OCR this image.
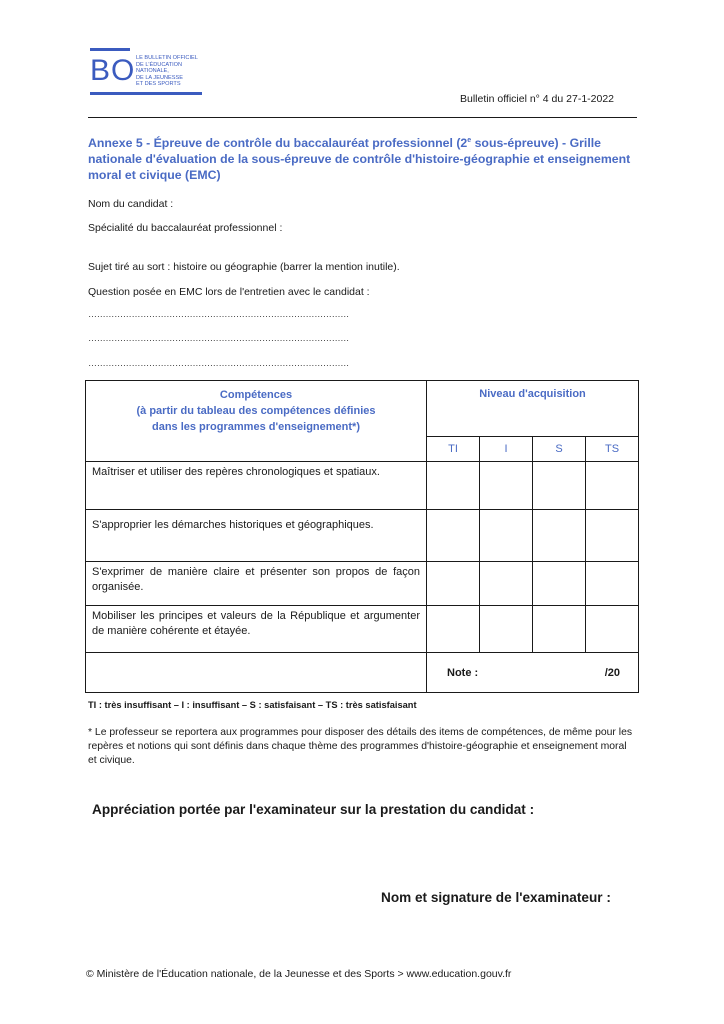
BO LE BULLETIN OFFICIEL
DE L'ÉDUCATION
NATIONALE,
DE LA JEUNESSE
ET DES SPORTS
Bulletin officiel n° 4 du 27-1-2022
Annexe 5 - Épreuve de contrôle du baccalauréat professionnel (2e sous-épreuve) - Grille nationale d'évaluation de la sous-épreuve de contrôle d'histoire-géographie et enseignement moral et civique (EMC)
Nom du candidat :
Spécialité du baccalauréat professionnel :
Sujet tiré au sort : histoire ou géographie (barrer la mention inutile).
Question posée en EMC lors de l'entretien avec le candidat :
………………………………………………………………………………
………………………………………………………………………………
………………………………………………………………………………
Compétences
(à partir du tableau des compétences définies
dans les programmes d'enseignement*)	Niveau d'acquisition			
	TI	I	S	TS
Maîtriser et utiliser des repères chronologiques et spatiaux.				
S'approprier les démarches historiques et géographiques.				
S'exprimer de manière claire et présenter son propos de façon organisée.				
Mobiliser les principes et valeurs de la République et argumenter de manière cohérente et étayée.				

	Note : /20			
TI : très insuffisant – I : insuffisant – S : satisfaisant – TS : très satisfaisant
* Le professeur se reportera aux programmes pour disposer des détails des items de compétences, de même pour les repères et notions qui sont définis dans chaque thème des programmes d'histoire-géographie et enseignement moral et civique.
Appréciation portée par l'examinateur sur la prestation du candidat :
Nom et signature de l'examinateur :
© Ministère de l'Éducation nationale, de la Jeunesse et des Sports > www.education.gouv.fr
